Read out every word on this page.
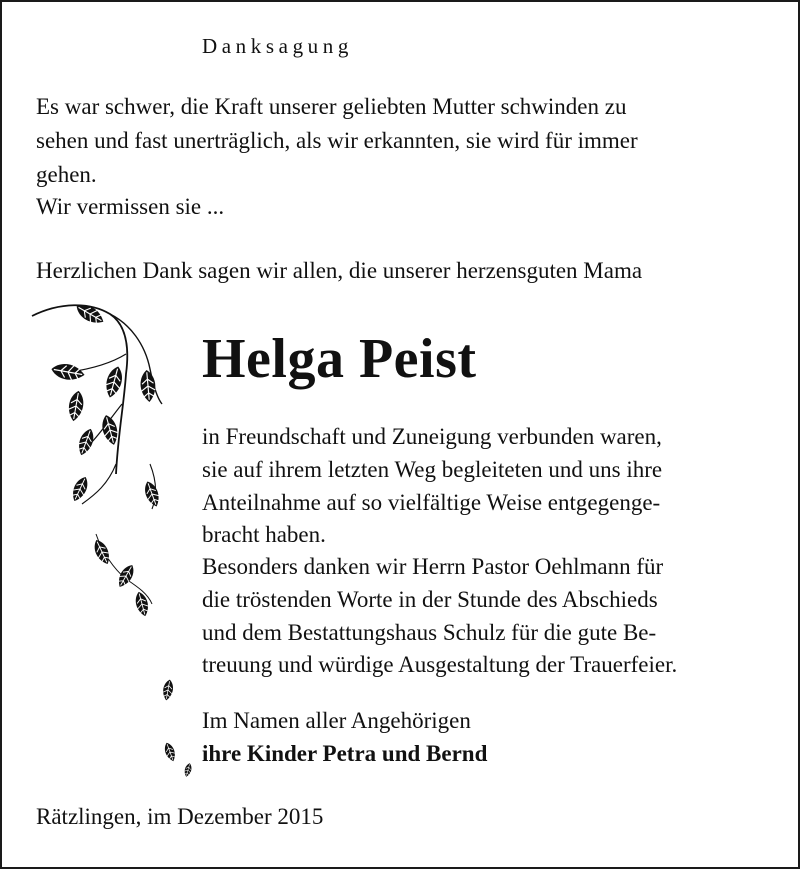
Danksagung

Es war schwer, die Kraft unserer geliebten Mutter schwinden zu

sehen und fast unerträglich, als wir erkannten, sie wird für immer

gehen.

Wir vermissen sie ...

Herzlichen Dank sagen wir allen, die unserer herzensguten Mama

Helga Peist

in Freundschaft und Zuneigung verbunden waren,

sie auf ihrem letzten Weg begleiteten und uns ihre

Anteilnahme auf so vielfältige Weise entgegenge-

bracht haben.

Besonders danken wir Herrn Pastor Oehlmann für

die tröstenden Worte in der Stunde des Abschieds

und dem Bestattungshaus Schulz für die gute Be-

treuung und würdige Ausgestaltung der Trauerfeier.

Im Namen aller Angehörigen

ihre Kinder Petra und Bernd

Rätzlingen, im Dezember 2015
